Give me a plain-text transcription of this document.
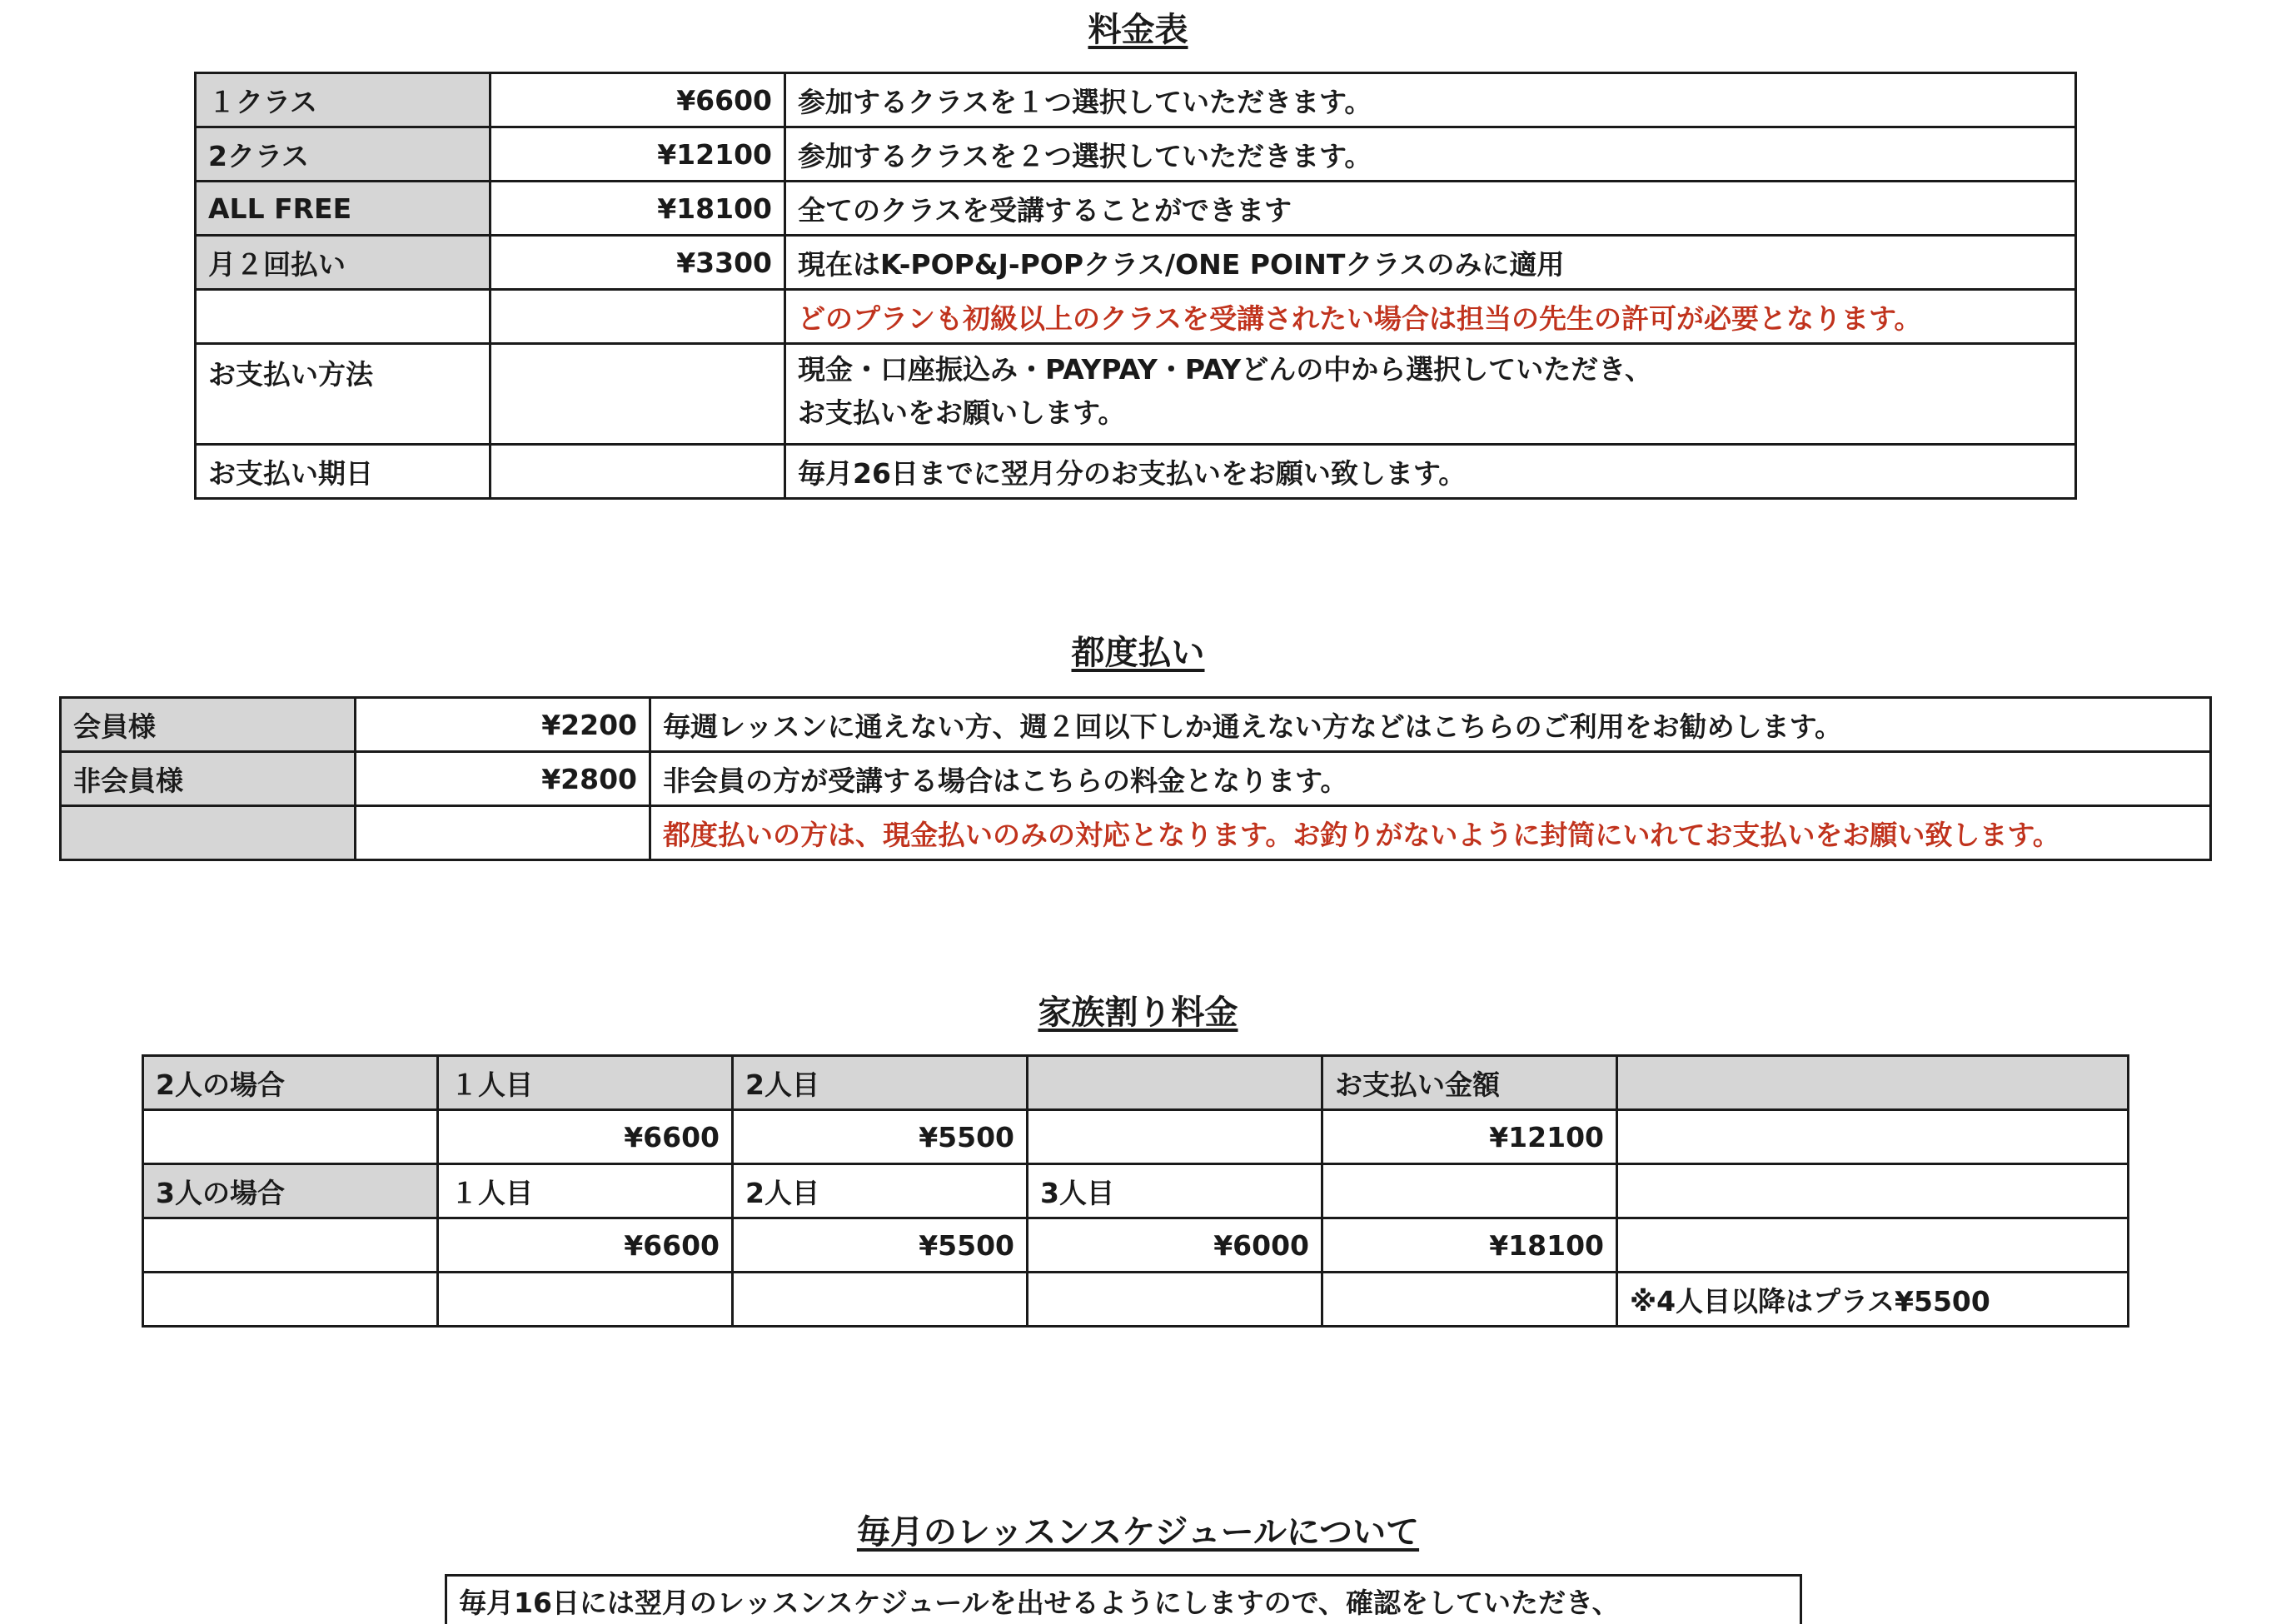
料金表
１クラス	¥6600	参加するクラスを１つ選択していただきます。
2クラス	¥12100	参加するクラスを２つ選択していただきます。
ALL FREE	¥18100	全てのクラスを受講することができます
月２回払い	¥3300	現在はK-POP&J-POPクラス/ONE POINTクラスのみに適用
		どのプランも初級以上のクラスを受講されたい場合は担当の先生の許可が必要となります。
お支払い方法		現金・口座振込み・PAYPAY・PAYどんの中から選択していただき、
お支払いをお願いします。

お支払い期日		毎月26日までに翌月分のお支払いをお願い致します。
都度払い
会員様	¥2200	毎週レッスンに通えない方、週２回以下しか通えない方などはこちらのご利用をお勧めします。
非会員様	¥2800	非会員の方が受講する場合はこちらの料金となります。
		都度払いの方は、現金払いのみの対応となります。お釣りがないように封筒にいれてお支払いをお願い致します。
家族割り料金
2人の場合	１人目	2人目		お支払い金額	
	¥6600	¥5500		¥12100	
3人の場合	１人目	2人目	3人目		
	¥6600	¥5500	¥6000	¥18100	
					※4人目以降はプラス¥5500
毎月のレッスンスケジュールについて
毎月16日には翌月のレッスンスケジュールを出せるようにしますので、確認をしていただき、
